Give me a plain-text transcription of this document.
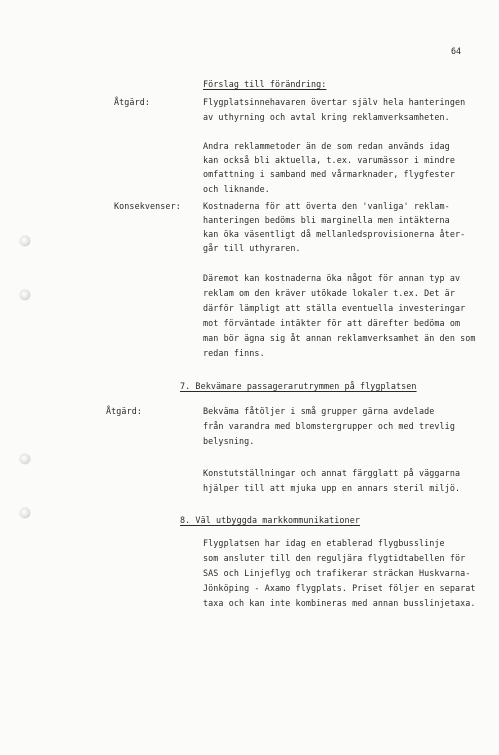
64
Förslag till förändring:
Åtgärd:	Flygplatsinnehavaren övertar själv hela hanteringen
av uthyrning och avtal kring reklamverksamheten.
Andra reklammetoder än de som redan används idag
kan också bli aktuella, t.ex. varumässor i mindre
omfattning i samband med vårmarknader, flygfester
och liknande.
Konsekvenser:	Kostnaderna för att överta den 'vanliga' reklam-
hanteringen bedöms bli marginella men intäkterna
kan öka väsentligt då mellanledsprovisionerna åter-
går till uthyraren.
Däremot kan kostnaderna öka något för annan typ av
reklam om den kräver utökade lokaler t.ex. Det är
därför lämpligt att ställa eventuella investeringar
mot förväntade intäkter för att därefter bedöma om
man bör ägna sig åt annan reklamverksamhet än den som
redan finns.
7. Bekvämare passagerarutrymmen på flygplatsen
Åtgärd:	Bekväma fåtöljer i små grupper gärna avdelade
från varandra med blomstergrupper och med trevlig
belysning.
Konstutställningar och annat färgglatt på väggarna
hjälper till att mjuka upp en annars steril miljö.
8. Väl utbyggda markkommunikationer
Flygplatsen har idag en etablerad flygbusslinje
som ansluter till den reguljära flygtidtabellen för
SAS och Linjeflyg och trafikerar sträckan Huskvarna-
Jönköping - Axamo flygplats. Priset följer en separat
taxa och kan inte kombineras med annan busslinjetaxa.
